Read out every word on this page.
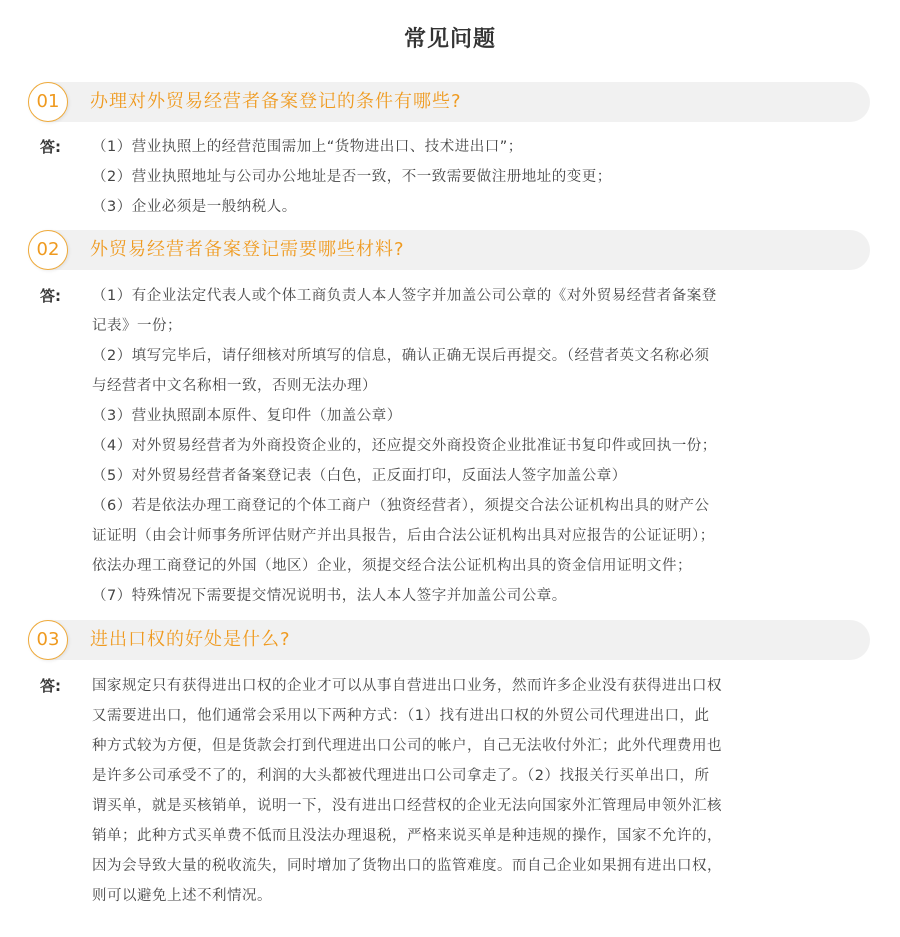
常见问题
01	办理对外贸易经营者备案登记的条件有哪些?
答: （1）营业执照上的经营范围需加上“货物进出口、技术进出口”；
（2）营业执照地址与公司办公地址是否一致，不一致需要做注册地址的变更；
（3）企业必须是一般纳税人。
02	外贸易经营者备案登记需要哪些材料?
答: （1）有企业法定代表人或个体工商负责人本人签字并加盖公司公章的《对外贸易经营者备案登
记表》一份；
（2）填写完毕后，请仔细核对所填写的信息，确认正确无误后再提交。（经营者英文名称必须
与经营者中文名称相一致，否则无法办理）
（3）营业执照副本原件、复印件（加盖公章）
（4）对外贸易经营者为外商投资企业的，还应提交外商投资企业批准证书复印件或回执一份；
（5）对外贸易经营者备案登记表（白色，正反面打印，反面法人签字加盖公章）
（6）若是依法办理工商登记的个体工商户（独资经营者），须提交合法公证机构出具的财产公
证证明（由会计师事务所评估财产并出具报告，后由合法公证机构出具对应报告的公证证明）；
依法办理工商登记的外国（地区）企业，须提交经合法公证机构出具的资金信用证明文件；
（7）特殊情况下需要提交情况说明书，法人本人签字并加盖公司公章。
03	进出口权的好处是什么?
答: 国家规定只有获得进出口权的企业才可以从事自营进出口业务，然而许多企业没有获得进出口权
又需要进出口，他们通常会采用以下两种方式：（1）找有进出口权的外贸公司代理进出口，此
种方式较为方便，但是货款会打到代理进出口公司的帐户，自己无法收付外汇；此外代理费用也
是许多公司承受不了的，利润的大头都被代理进出口公司拿走了。（2）找报关行买单出口，所
谓买单，就是买核销单，说明一下，没有进出口经营权的企业无法向国家外汇管理局申领外汇核
销单；此种方式买单费不低而且没法办理退税，严格来说买单是种违规的操作，国家不允许的，
因为会导致大量的税收流失，同时增加了货物出口的监管难度。而自己企业如果拥有进出口权，
则可以避免上述不利情况。
